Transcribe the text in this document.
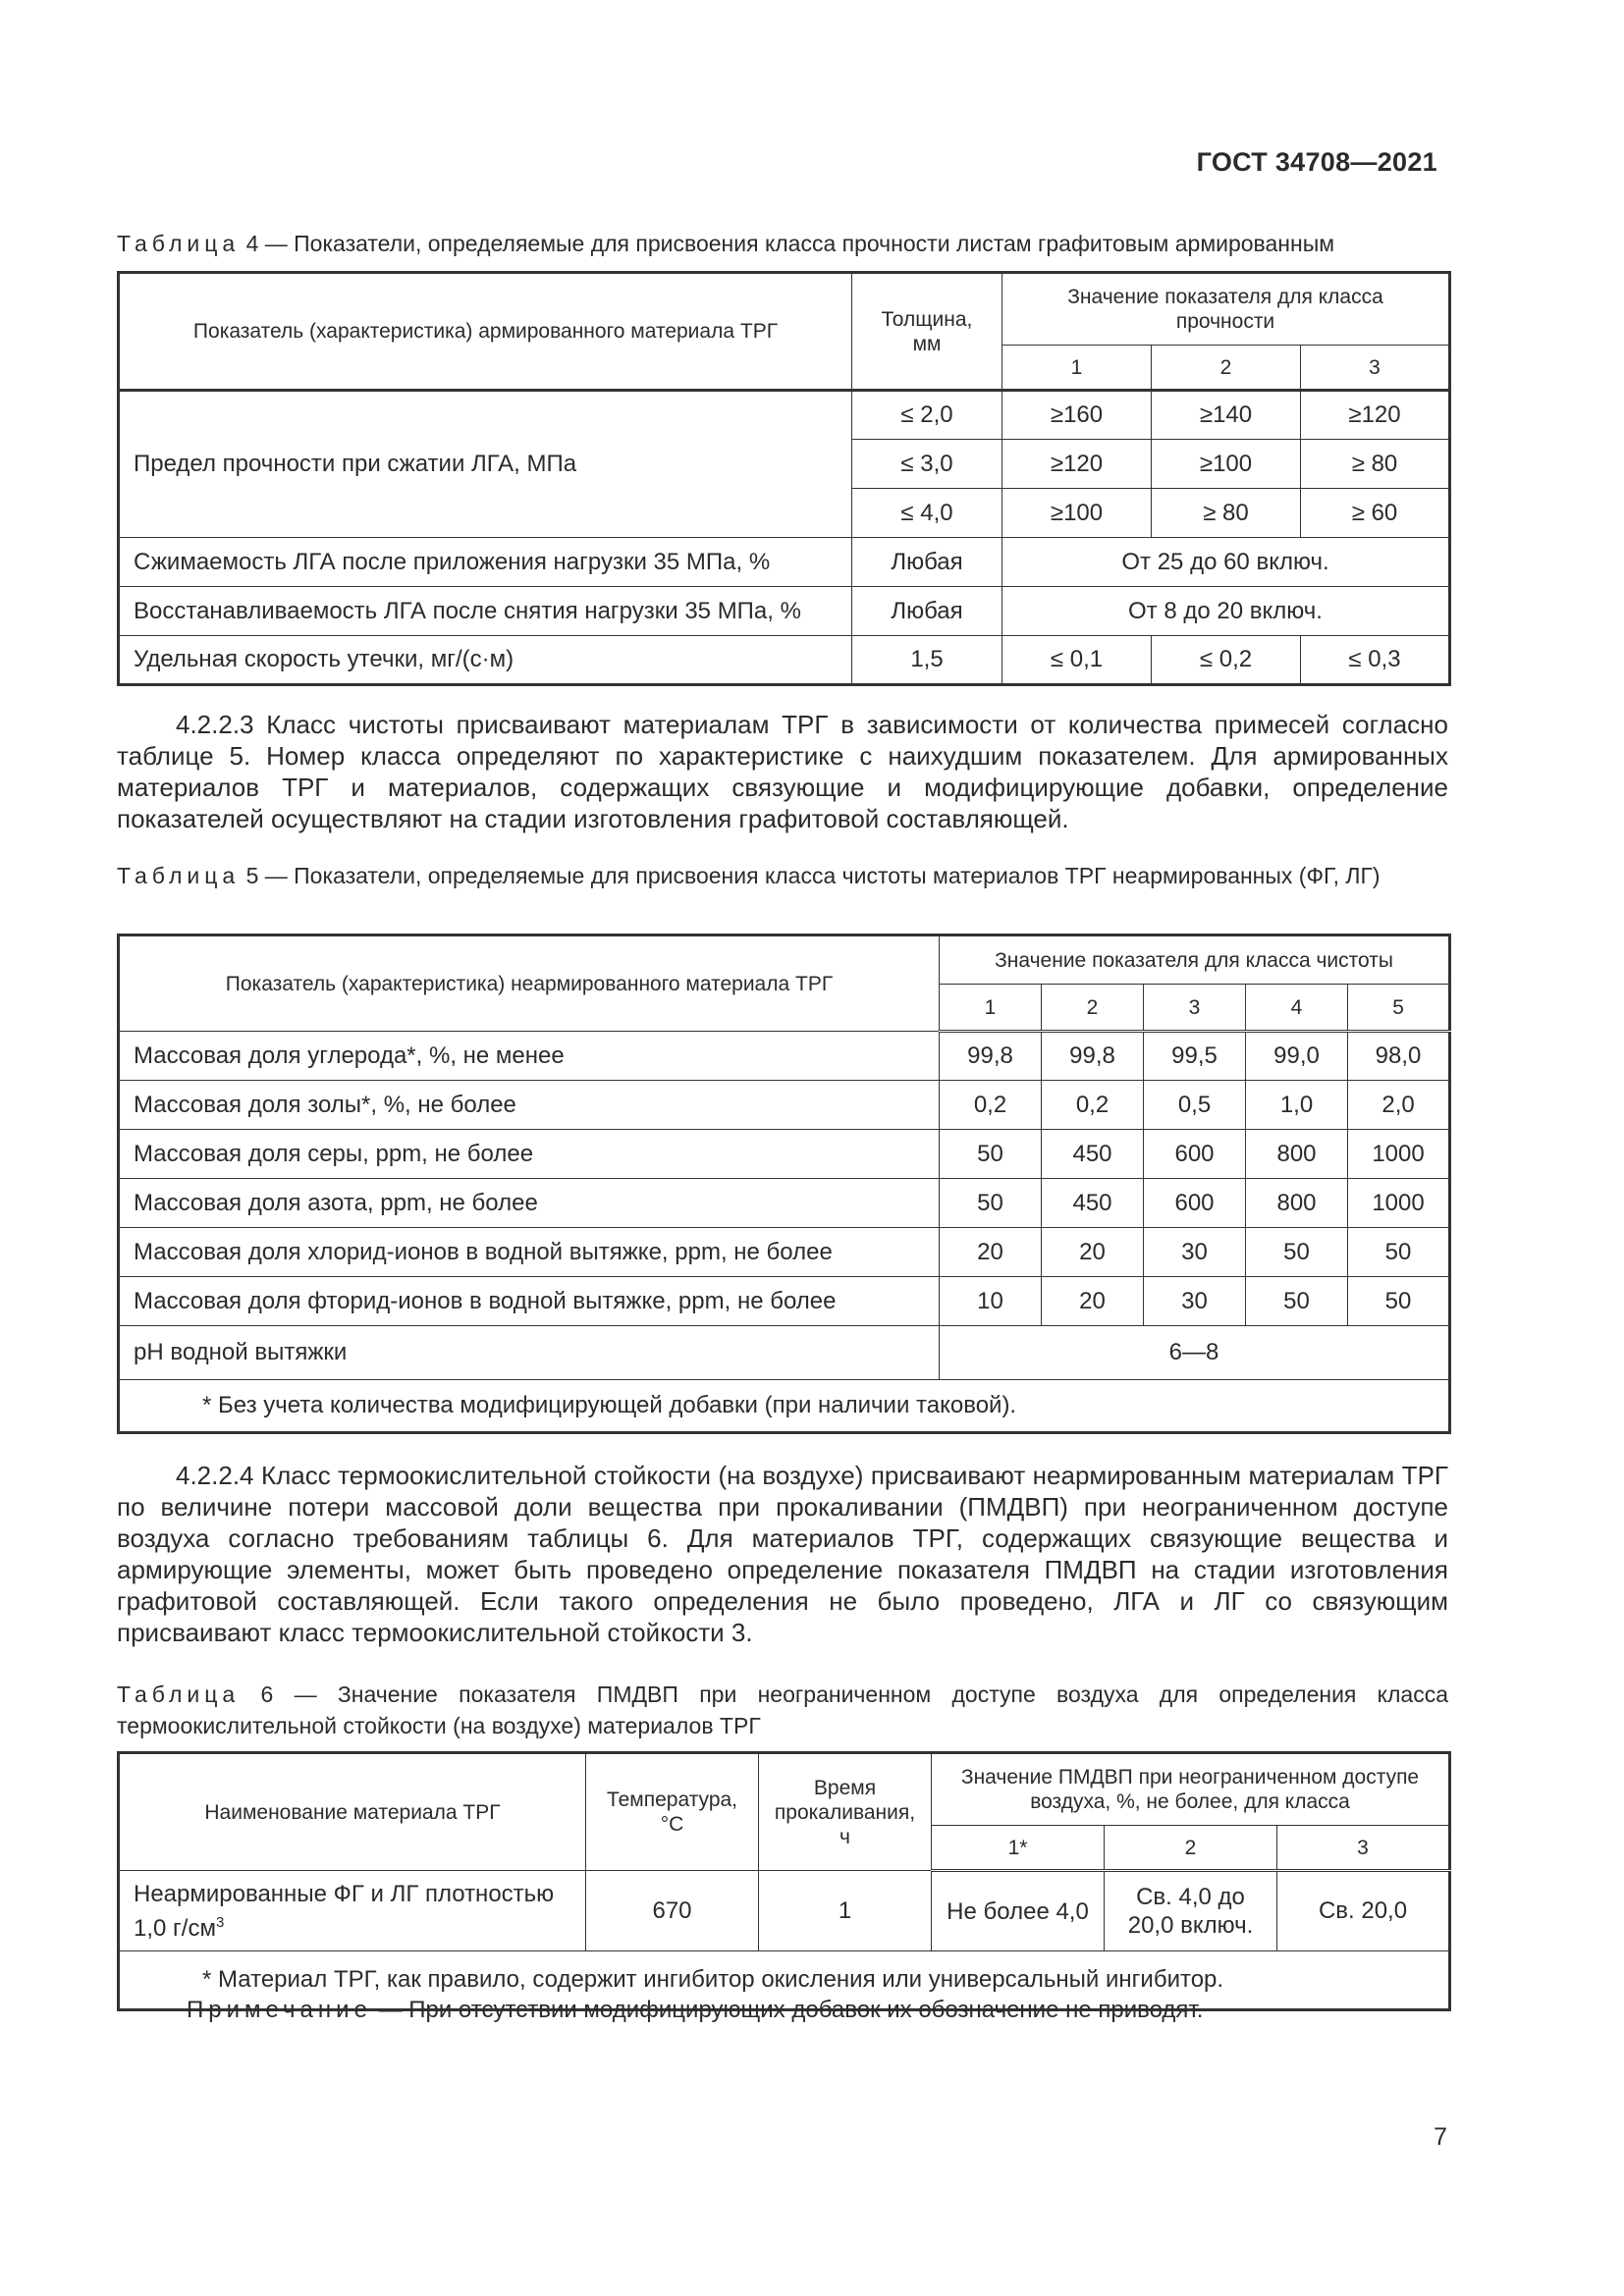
ГОСТ 34708—2021
Таблица 4 — Показатели, определяемые для присвоения класса прочности листам графитовым армированным
Показатель (характеристика) армированного материала ТРГ	Толщина, мм	Значение показателя для класса прочности		
		1	2	3
Предел прочности при сжатии ЛГА, МПа	≤ 2,0	≥160	≥140	≥120
	≤ 3,0	≥120	≥100	≥ 80
	≤ 4,0	≥100	≥ 80	≥ 60
Сжимаемость ЛГА после приложения нагрузки 35 МПа, %	Любая	От 25 до 60 включ.		
Восстанавливаемость ЛГА после снятия нагрузки 35 МПа, %	Любая	От 8 до 20 включ.		
Удельная скорость утечки, мг/(с·м)	1,5	≤ 0,1	≤ 0,2	≤ 0,3
4.2.2.3 Класс чистоты присваивают материалам ТРГ в зависимости от количества примесей согласно таблице 5. Номер класса определяют по характеристике с наихудшим показателем. Для армированных материалов ТРГ и материалов, содержащих связующие и модифицирующие добавки, определение показателей осуществляют на стадии изготовления графитовой составляющей.
Таблица 5 — Показатели, определяемые для присвоения класса чистоты материалов ТРГ неармированных (ФГ, ЛГ)
Показатель (характеристика) неармированного материала ТРГ	Значение показателя для класса чистоты				
	1	2	3	4	5
Массовая доля углерода*, %, не менее	99,8	99,8	99,5	99,0	98,0
Массовая доля золы*, %, не более	0,2	0,2	0,5	1,0	2,0
Массовая доля серы, ppm, не более	50	450	600	800	1000
Массовая доля азота, ppm, не более	50	450	600	800	1000
Массовая доля хлорид-ионов в водной вытяжке, ppm, не более	20	20	30	50	50
Массовая доля фторид-ионов в водной вытяжке, ppm, не более	10	20	30	50	50
pH водной вытяжки	6—8				
* Без учета количества модифицирующей добавки (при наличии таковой).					
4.2.2.4 Класс термоокислительной стойкости (на воздухе) присваивают неармированным материалам ТРГ по величине потери массовой доли вещества при прокаливании (ПМДВП) при неограниченном доступе воздуха согласно требованиям таблицы 6. Для материалов ТРГ, содержащих связующие вещества и армирующие элементы, может быть проведено определение показателя ПМДВП на стадии изготовления графитовой составляющей. Если такого определения не было проведено, ЛГА и ЛГ со связующим присваивают класс термоокислительной стойкости 3.
Таблица 6 — Значение показателя ПМДВП при неограниченном доступе воздуха для определения класса термоокислительной стойкости (на воздухе) материалов ТРГ
Наименование материала ТРГ	Температура, °С	Время прокаливания, ч	Значение ПМДВП при неограниченном доступе воздуха, %, не более, для класса		
			1*	2	3
Неармированные ФГ и ЛГ плотностью 1,0 $г/см^3$	670	1	Не более 4,0	Св. 4,0 до 20,0 включ.	Св. 20,0
* Материал ТРГ, как правило, содержит ингибитор окисления или универсальный ингибитор.					
Примечание — При отсутствии модифицирующих добавок их обозначение не приводят.
7
